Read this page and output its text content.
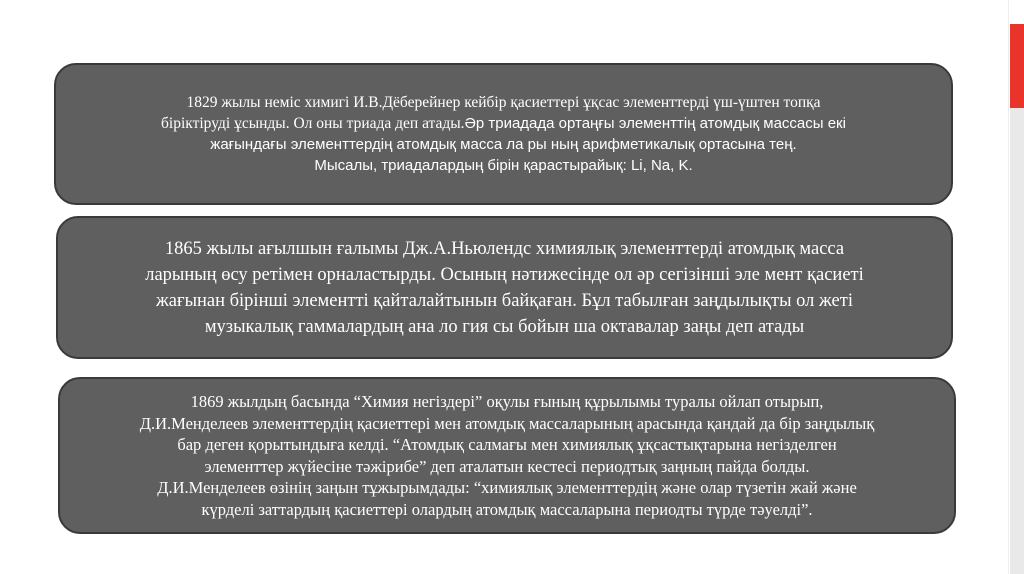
1829 жылы неміс химигі И.В.Дёберейнер кейбір қасиеттері ұқсас элементтерді үш-үштен топқа

біріктіруді ұсынды. Ол оны триада деп атады.Әр триадада ортаңғы элементтің атомдық массасы екі

жағындағы элементтердің атомдық масса ла ры ның арифметикалық ортасына тең.

Мысалы, триадалардың бірін қарастырайық: Li, Na, K.

1865 жылы ағылшын ғалымы Дж.А.Ньюлендс химиялық элементтерді атомдық масса

ларының өсу ретімен орналастырды. Осының нәтижесінде ол әр сегізінші эле мент қасиеті

жағынан бірінші элементті қайталайтынын байқаған. Бұл табылған заңдылықты ол жеті

музыкалық гаммалардың ана ло гия сы бойын ша октавалар заңы деп атады

1869 жылдың басында “Химия негіздері” оқулы ғының құрылымы туралы ойлап отырып,

Д.И.Менделеев элементтердің қасиеттері мен атомдық массаларының арасында қандай да бір заңдылық

бар деген қорытындыға келді. “Атомдық салмағы мен химиялық ұқсастықтарына негізделген

элементтер жүйесіне тәжірибе” деп аталатын кестесі периодтық заңның пайда болды.

Д.И.Менделеев өзінің заңын тұжырымдады: “химиялық элементтердің және олар түзетін жай және

күрделі заттардың қасиеттері олардың атомдық массаларына периодты түрде тәуелді”.
